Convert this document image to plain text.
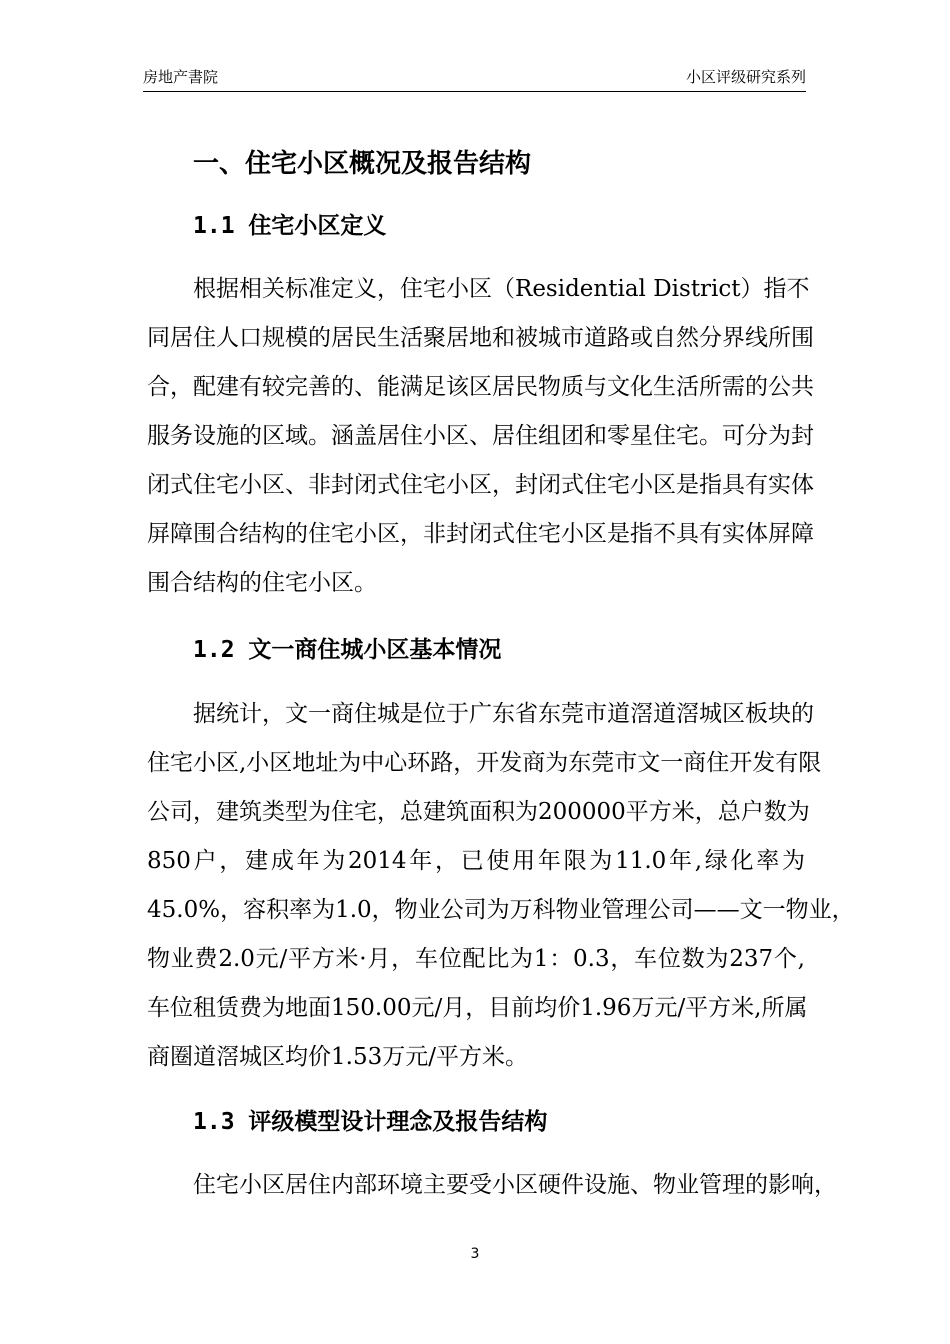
房地产書院	小区评级研究系列
一、住宅小区概况及报告结构
1.1 住宅小区定义
根据相关标准定义，住宅小区（Residential District）指不
同居住人口规模的居民生活聚居地和被城市道路或自然分界线所围
合，配建有较完善的、能满足该区居民物质与文化生活所需的公共
服务设施的区域。涵盖居住小区、居住组团和零星住宅。可分为封
闭式住宅小区、非封闭式住宅小区，封闭式住宅小区是指具有实体
屏障围合结构的住宅小区，非封闭式住宅小区是指不具有实体屏障
围合结构的住宅小区。
1.2 文一商住城小区基本情况
据统计，文一商住城是位于广东省东莞市道滘道滘城区板块的
住宅小区,小区地址为中心环路，开发商为东莞市文一商住开发有限
公司，建筑类型为住宅，总建筑面积为200000平方米，总户数为
850户，建成年为2014年，已使用年限为11.0年,绿化率为
45.0%，容积率为1.0，物业公司为万科物业管理公司——文一物业，
物业费2.0元/平方米·月，车位配比为1：0.3，车位数为237个,
车位租赁费为地面150.00元/月，目前均价1.96万元/平方米,所属
商圈道滘城区均价1.53万元/平方米。
1.3 评级模型设计理念及报告结构
住宅小区居住内部环境主要受小区硬件设施、物业管理的影响，
3
